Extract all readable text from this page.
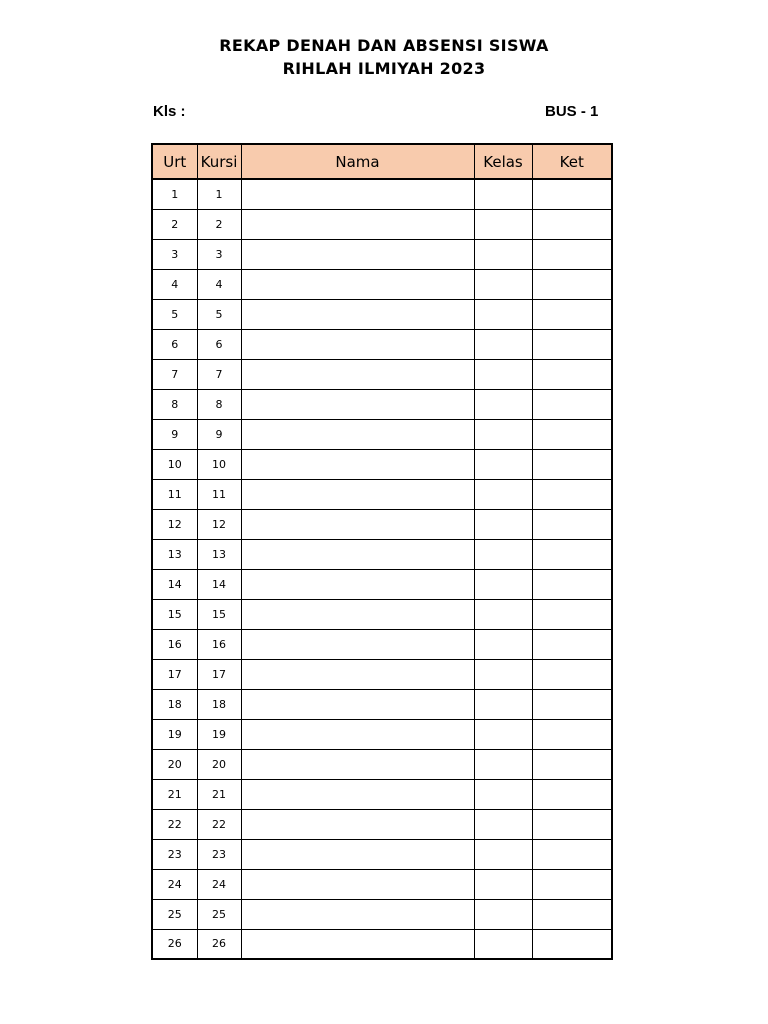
REKAP DENAH DAN ABSENSI SISWA
RIHLAH ILMIYAH 2023
Kls :	BUS - 1
Urt	Kursi	Nama	Kelas	Ket
1	1			
2	2			
3	3			
4	4			
5	5			
6	6			
7	7			
8	8			
9	9			
10	10			
11	11			
12	12			
13	13			
14	14			
15	15			
16	16			
17	17			
18	18			
19	19			
20	20			
21	21			
22	22			
23	23			
24	24			
25	25			
26	26			
